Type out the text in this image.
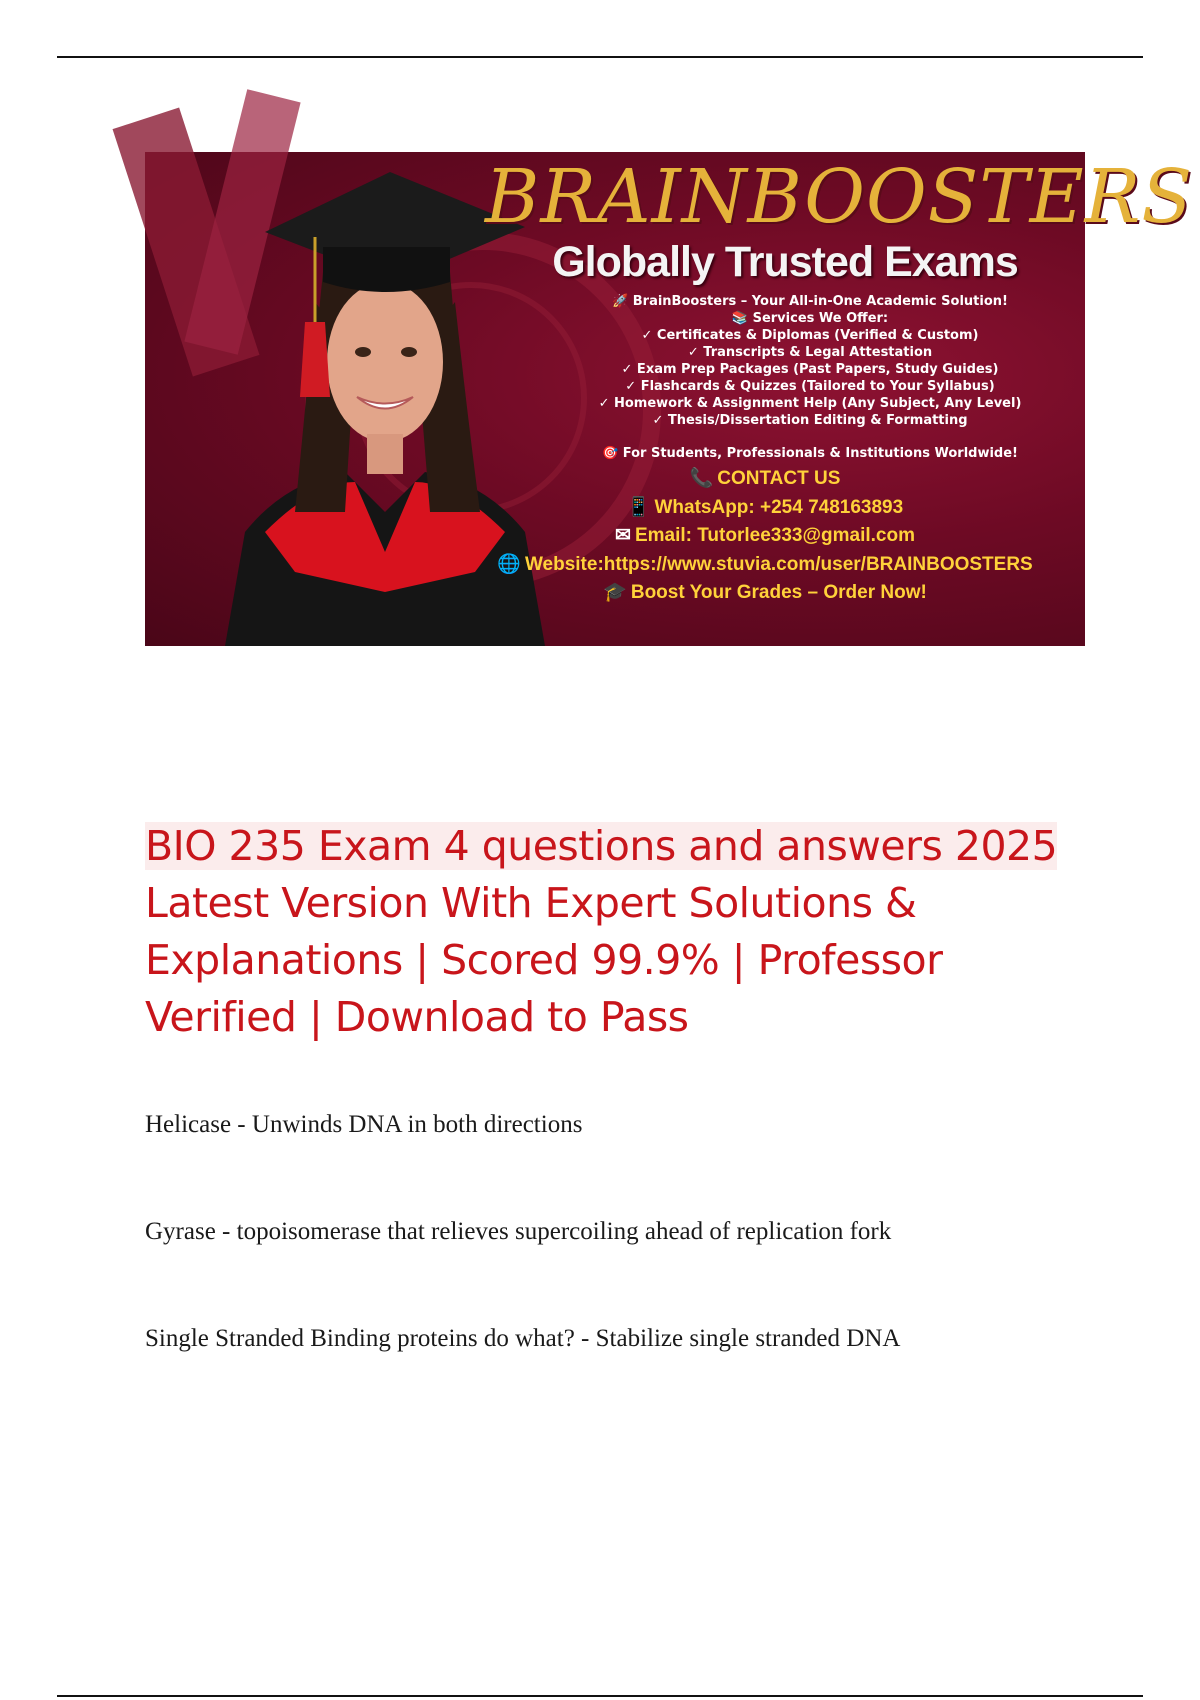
BRAINBOOSTERS
Globally Trusted Exams
🚀 BrainBoosters – Your All-in-One Academic Solution!
📚 Services We Offer:
✓ Certificates & Diplomas (Verified & Custom)
✓ Transcripts & Legal Attestation
✓ Exam Prep Packages (Past Papers, Study Guides)
✓ Flashcards & Quizzes (Tailored to Your Syllabus)
✓ Homework & Assignment Help (Any Subject, Any Level)
✓ Thesis/Dissertation Editing & Formatting
🎯 For Students, Professionals & Institutions Worldwide!
📞 CONTACT US
📱 WhatsApp: +254 748163893
✉ Email: Tutorlee333@gmail.com
🌐 Website:https://www.stuvia.com/user/BRAINBOOSTERS
🎓 Boost Your Grades – Order Now!
BIO 235 Exam 4 questions and answers 2025
Latest Version With Expert Solutions &
Explanations | Scored 99.9% | Professor
Verified | Download to Pass
Helicase - Unwinds DNA in both directions
Gyrase - topoisomerase that relieves supercoiling ahead of replication fork
Single Stranded Binding proteins do what? - Stabilize single stranded DNA
